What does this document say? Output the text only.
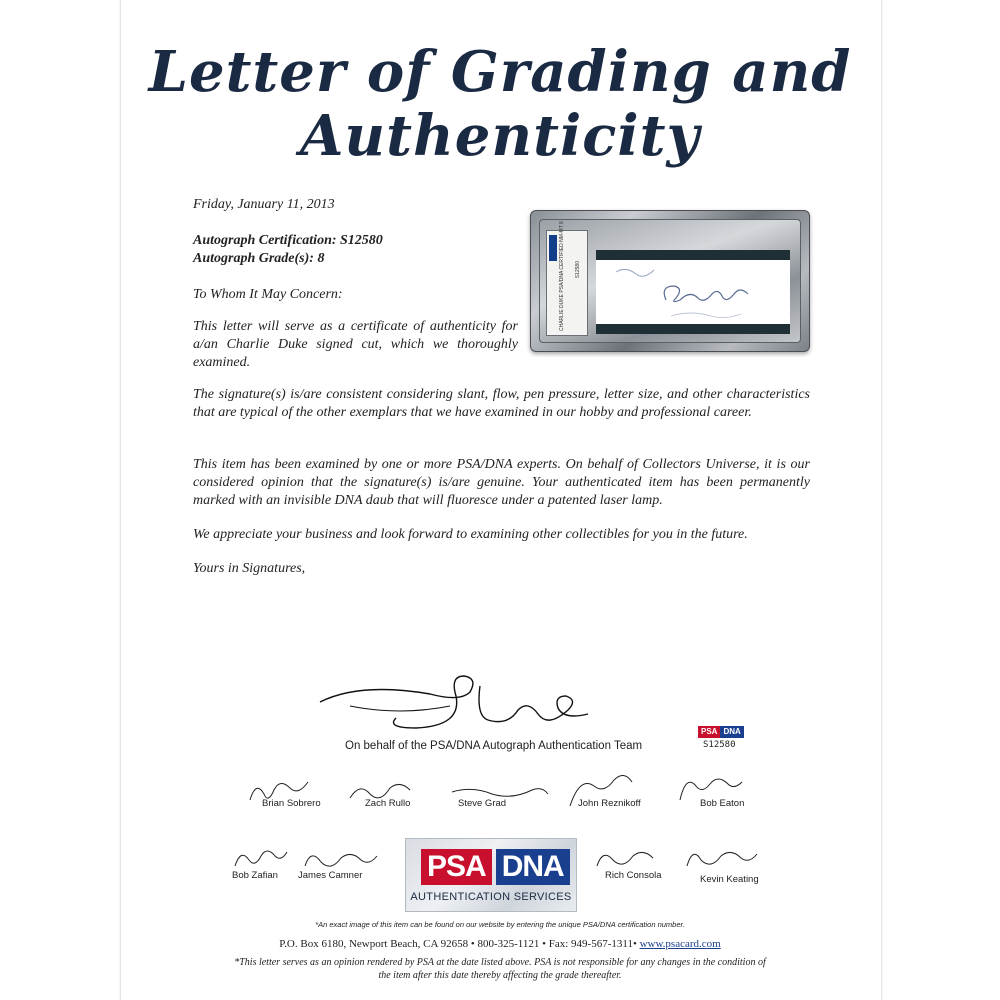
Letter of Grading and
Authenticity
Friday, January 11, 2013
Autograph Certification: S12580
Autograph Grade(s): 8
To Whom It May Concern:
This letter will serve as a certificate of authenticity for a/an Charlie Duke signed cut, which we thoroughly examined.
The signature(s) is/are consistent considering slant, flow, pen pressure, letter size, and other characteristics that are typical of the other exemplars that we have examined in our hobby and professional career.
This item has been examined by one or more PSA/DNA experts. On behalf of Collectors Universe, it is our considered opinion that the signature(s) is/are genuine. Your authenticated item has been permanently marked with an invisible DNA daub that will fluoresce under a patented laser lamp.
We appreciate your business and look forward to examining other collectibles for you in the future.
Yours in Signatures,
CHARLIE DUKE PSA/DNA CERTIFIED NM-MT 8 S12580
PSA DNA
S12580
On behalf of the PSA/DNA Autograph Authentication Team
Brian Sobrero	Zach Rullo	Steve Grad	John Reznikoff	Bob Eaton
Bob Zafian James Camner	Rich Consola	Kevin Keating
PSA DNA
AUTHENTICATION SERVICES
*An exact image of this item can be found on our website by entering the unique PSA/DNA certification number.
P.O. Box 6180, Newport Beach, CA 92658 • 800-325-1121 • Fax: 949-567-1311• www.psacard.com
*This letter serves as an opinion rendered by PSA at the date listed above. PSA is not responsible for any changes in the condition of
the item after this date thereby affecting the grade thereafter.
